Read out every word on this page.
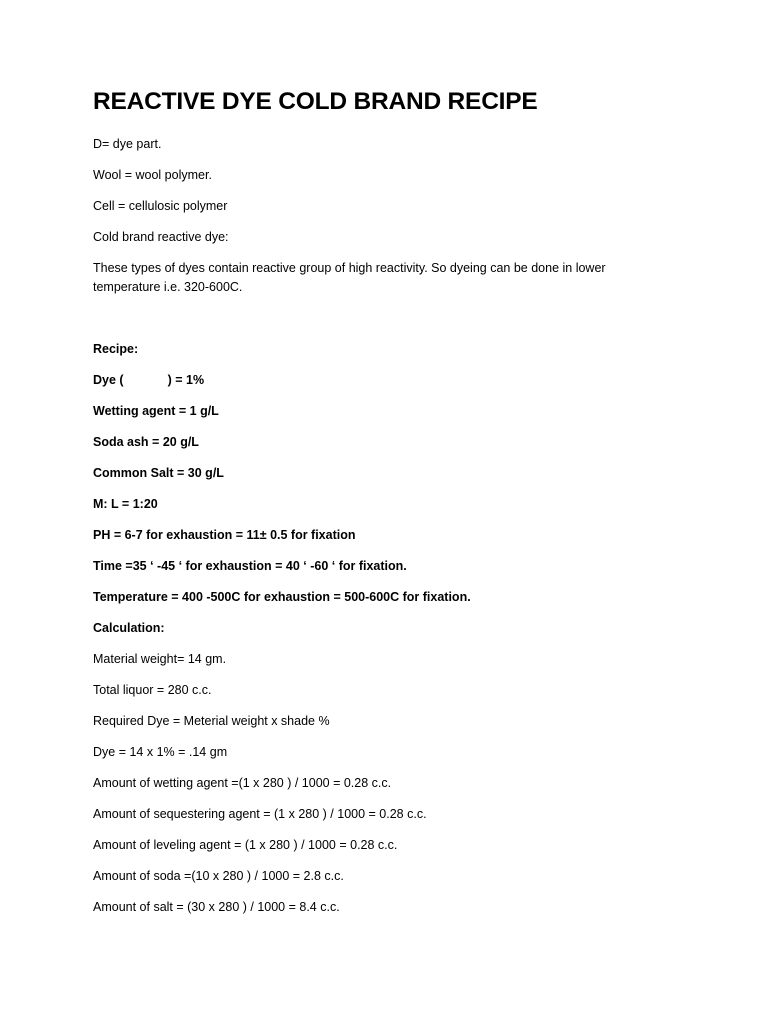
REACTIVE DYE COLD BRAND RECIPE

D= dye part.

Wool = wool polymer.

Cell = cellulosic polymer

Cold brand reactive dye:

These types of dyes contain reactive group of high reactivity. So dyeing can be done in lower temperature i.e. 320-600C.

Recipe:

Dye (	) = 1%

Wetting agent = 1 g/L

Soda ash = 20 g/L

Common Salt = 30 g/L

M: L = 1:20

PH = 6-7 for exhaustion = 11± 0.5 for fixation

Time =35 ‘ -45 ‘ for exhaustion = 40 ‘ -60 ‘ for fixation.

Temperature = 400 -500C for exhaustion = 500-600C for fixation.

Calculation:

Material weight= 14 gm.

Total liquor = 280 c.c.

Required Dye = Meterial weight x shade %

Dye = 14 x 1% = .14 gm

Amount of wetting agent =(1 x 280 ) / 1000 = 0.28 c.c.

Amount of sequestering agent = (1 x 280 ) / 1000 = 0.28 c.c.

Amount of leveling agent = (1 x 280 ) / 1000 = 0.28 c.c.

Amount of soda =(10 x 280 ) / 1000 = 2.8 c.c.

Amount of salt = (30 x 280 ) / 1000 = 8.4 c.c.
